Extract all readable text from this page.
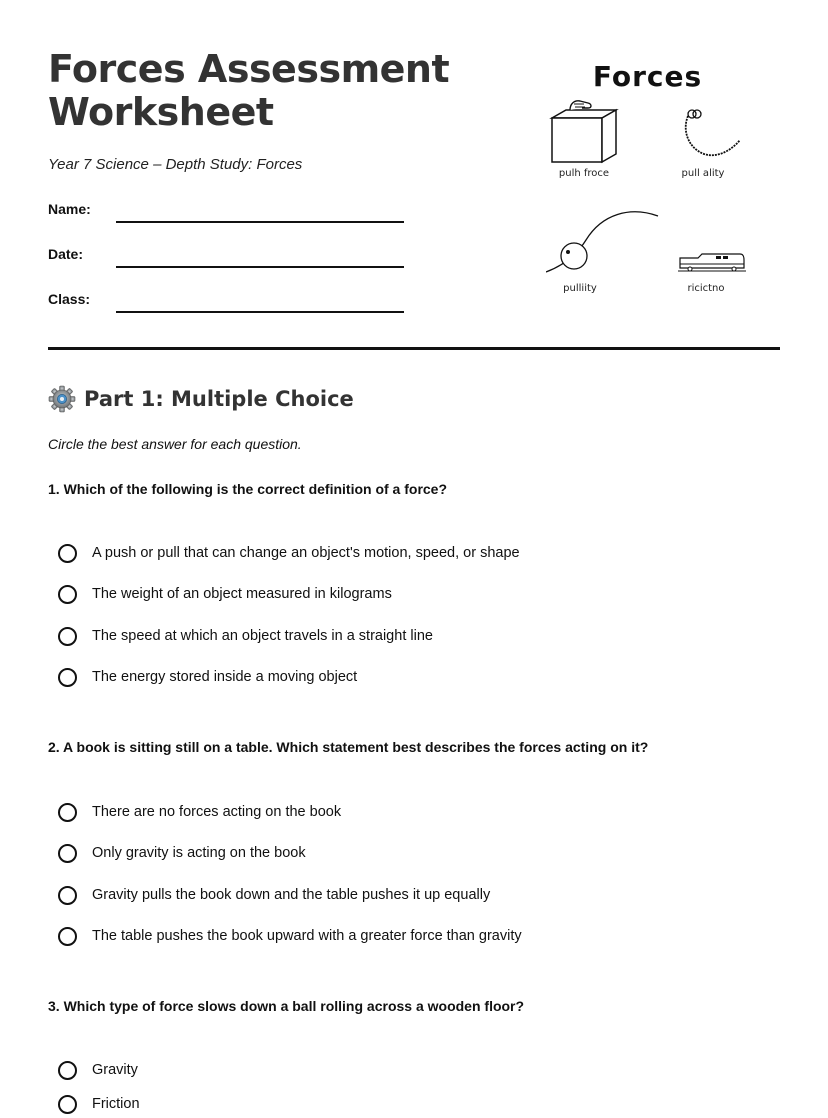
Forces Assessment
Worksheet
Year 7 Science – Depth Study: Forces
Name:
Date:
Class:
Forces
pulh froce	pull ality
pulliity	ricictno
Part 1: Multiple Choice
Circle the best answer for each question.
1. Which of the following is the correct definition of a force?
A push or pull that can change an object's motion, speed, or shape
The weight of an object measured in kilograms
The speed at which an object travels in a straight line
The energy stored inside a moving object
2. A book is sitting still on a table. Which statement best describes the forces acting on it?
There are no forces acting on the book
Only gravity is acting on the book
Gravity pulls the book down and the table pushes it up equally
The table pushes the book upward with a greater force than gravity
3. Which type of force slows down a ball rolling across a wooden floor?
Gravity
Friction
